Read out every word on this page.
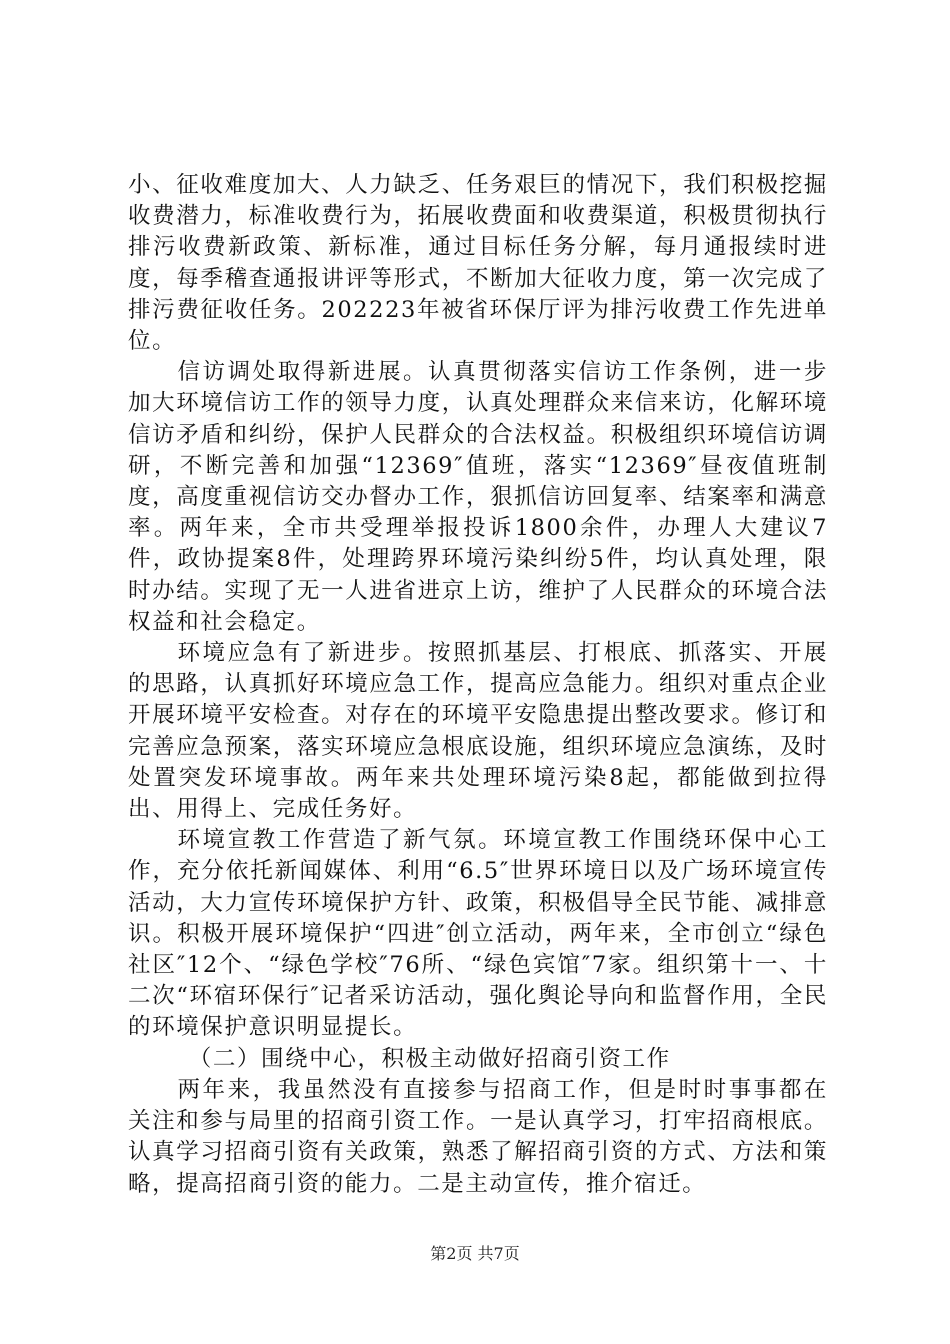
小、征收难度加大、人力缺乏、任务艰巨的情况下，我们积极挖掘收费潜力，标准收费行为，拓展收费面和收费渠道，积极贯彻执行排污收费新政策、新标准，通过目标任务分解，每月通报续时进度，每季稽查通报讲评等形式，不断加大征收力度，第一次完成了排污费征收任务。202223年被省环保厅评为排污收费工作先进单位。

信访调处取得新进展。认真贯彻落实信访工作条例，进一步加大环境信访工作的领导力度，认真处理群众来信来访，化解环境信访矛盾和纠纷，保护人民群众的合法权益。积极组织环境信访调研，不断完善和加强“12369″值班，落实“12369″昼夜值班制度，高度重视信访交办督办工作，狠抓信访回复率、结案率和满意率。两年来，全市共受理举报投诉1800余件，办理人大建议7件，政协提案8件，处理跨界环境污染纠纷5件，均认真处理，限时办结。实现了无一人进省进京上访，维护了人民群众的环境合法权益和社会稳定。

环境应急有了新进步。按照抓基层、打根底、抓落实、开展的思路，认真抓好环境应急工作，提高应急能力。组织对重点企业开展环境平安检查。对存在的环境平安隐患提出整改要求。修订和完善应急预案，落实环境应急根底设施，组织环境应急演练，及时处置突发环境事故。两年来共处理环境污染8起，都能做到拉得出、用得上、完成任务好。

环境宣教工作营造了新气氛。环境宣教工作围绕环保中心工作，充分依托新闻媒体、利用“6.5″世界环境日以及广场环境宣传活动，大力宣传环境保护方针、政策，积极倡导全民节能、减排意识。积极开展环境保护“四进″创立活动，两年来，全市创立“绿色社区″12个、“绿色学校″76所、“绿色宾馆″7家。组织第十一、十二次“环宿环保行″记者采访活动，强化舆论导向和监督作用，全民的环境保护意识明显提长。

（二）围绕中心，积极主动做好招商引资工作

两年来，我虽然没有直接参与招商工作，但是时时事事都在关注和参与局里的招商引资工作。一是认真学习，打牢招商根底。认真学习招商引资有关政策，熟悉了解招商引资的方式、方法和策略，提高招商引资的能力。二是主动宣传，推介宿迁。

第2页 共7页
